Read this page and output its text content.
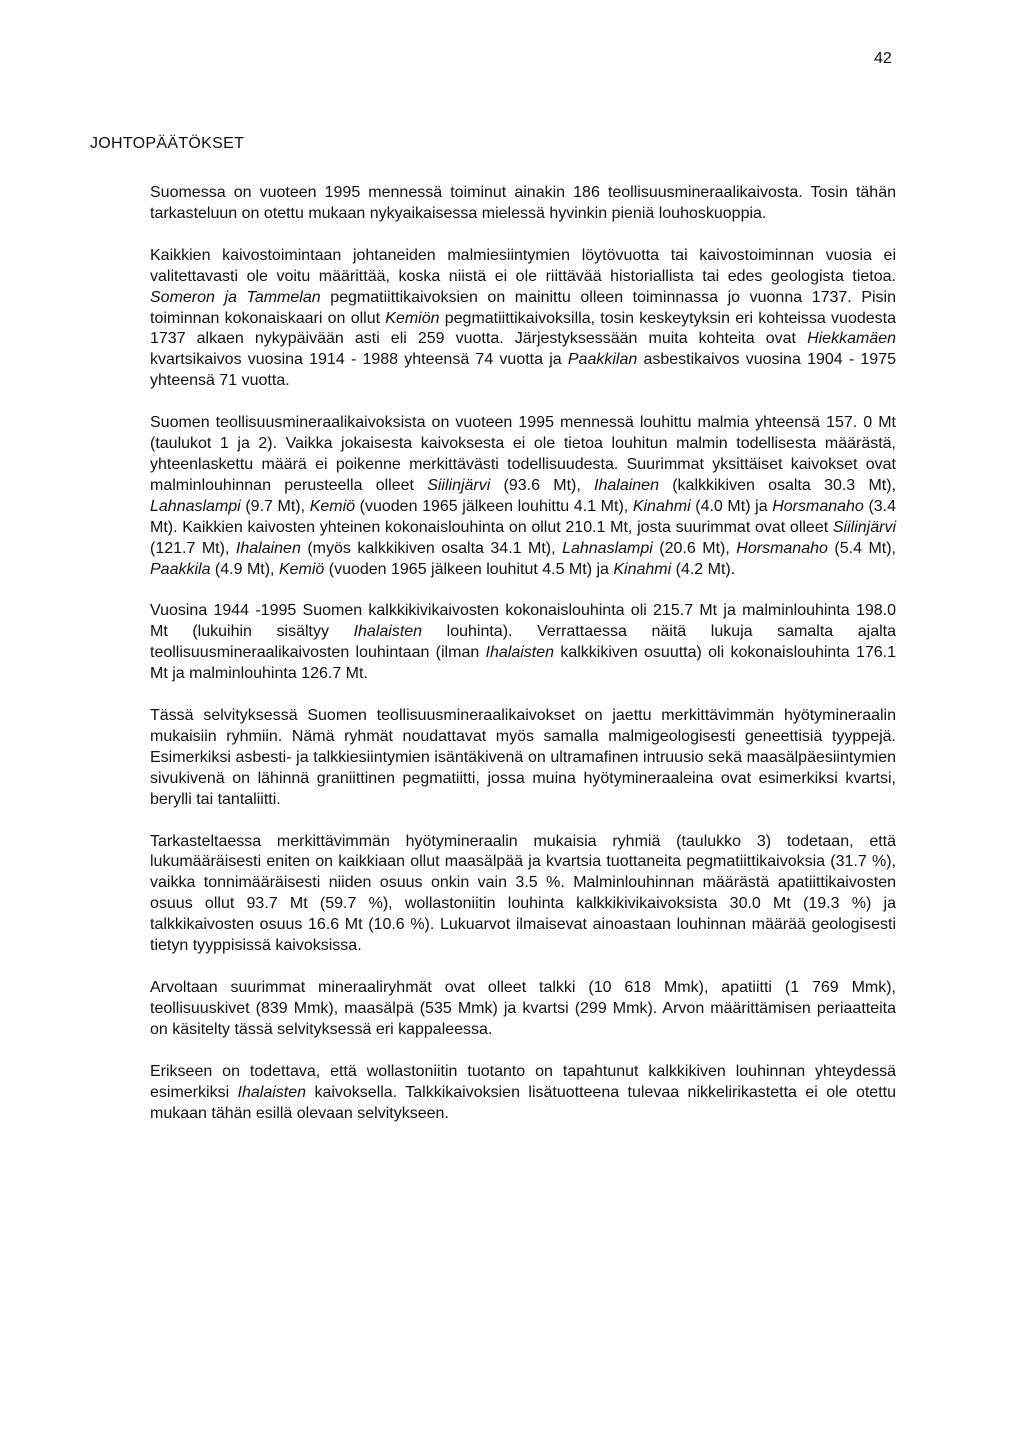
42
JOHTOPÄÄTÖKSET

Suomessa on vuoteen 1995 mennessä toiminut ainakin 186 teollisuusmineraalikaivosta. Tosin tähän tarkasteluun on otettu mukaan nykyaikaisessa mielessä hyvinkin pieniä louhoskuoppia.

Kaikkien kaivostoimintaan johtaneiden malmiesiintymien löytövuotta tai kaivostoiminnan vuosia ei valitettavasti ole voitu määrittää, koska niistä ei ole riittävää historiallista tai edes geologista tietoa. Someron ja Tammelan pegmatiittikaivoksien on mainittu olleen toiminnassa jo vuonna 1737. Pisin toiminnan kokonaiskaari on ollut Kemiön pegmatiittikaivoksilla, tosin keskeytyksin eri kohteissa vuodesta 1737 alkaen nykypäivään asti eli 259 vuotta. Järjestyksessään muita kohteita ovat Hiekkamäen kvartsikaivos vuosina 1914 - 1988 yhteensä 74 vuotta ja Paakkilan asbestikaivos vuosina 1904 - 1975 yhteensä 71 vuotta.

Suomen teollisuusmineraalikaivoksista on vuoteen 1995 mennessä louhittu malmia yhteensä 157. 0 Mt (taulukot 1 ja 2). Vaikka jokaisesta kaivoksesta ei ole tietoa louhitun malmin todellisesta määrästä, yhteenlaskettu määrä ei poikenne merkittävästi todellisuudesta. Suurimmat yksittäiset kaivokset ovat malminlouhinnan perusteella olleet Siilinjärvi (93.6 Mt), Ihalainen (kalkkikiven osalta 30.3 Mt), Lahnaslampi (9.7 Mt), Kemiö (vuoden 1965 jälkeen louhittu 4.1 Mt), Kinahmi (4.0 Mt) ja Horsmanaho (3.4 Mt). Kaikkien kaivosten yhteinen kokonaislouhinta on ollut 210.1 Mt, josta suurimmat ovat olleet Siilinjärvi (121.7 Mt), Ihalainen (myös kalkkikiven osalta 34.1 Mt), Lahnaslampi (20.6 Mt), Horsmanaho (5.4 Mt), Paakkila (4.9 Mt), Kemiö (vuoden 1965 jälkeen louhitut 4.5 Mt) ja Kinahmi (4.2 Mt).

Vuosina 1944 -1995 Suomen kalkkikivikaivosten kokonaislouhinta oli 215.7 Mt ja malminlouhinta 198.0 Mt (lukuihin sisältyy Ihalaisten louhinta). Verrattaessa näitä lukuja samalta ajalta teollisuusmineraalikaivosten louhintaan (ilman Ihalaisten kalkkikiven osuutta) oli kokonaislouhinta 176.1 Mt ja malminlouhinta 126.7 Mt.

Tässä selvityksessä Suomen teollisuusmineraalikaivokset on jaettu merkittävimmän hyötymineraalin mukaisiin ryhmiin. Nämä ryhmät noudattavat myös samalla malmigeologisesti geneettisiä tyyppejä. Esimerkiksi asbesti- ja talkkiesiintymien isäntäkivenä on ultramafinen intruusio sekä maasälpäesiintymien sivukivenä on lähinnä graniittinen pegmatiitti, jossa muina hyötymineraaleina ovat esimerkiksi kvartsi, berylli tai tantaliitti.

Tarkasteltaessa merkittävimmän hyötymineraalin mukaisia ryhmiä (taulukko 3) todetaan, että lukumääräisesti eniten on kaikkiaan ollut maasälpää ja kvartsia tuottaneita pegmatiittikaivoksia (31.7 %), vaikka tonnimääräisesti niiden osuus onkin vain 3.5 %. Malminlouhinnan määrästä apatiittikaivosten osuus ollut 93.7 Mt (59.7 %), wollastoniitin louhinta kalkkikivikaivoksista 30.0 Mt (19.3 %) ja talkkikaivosten osuus 16.6 Mt (10.6 %). Lukuarvot ilmaisevat ainoastaan louhinnan määrää geologisesti tietyn tyyppisissä kaivoksissa.

Arvoltaan suurimmat mineraaliryhmät ovat olleet talkki (10 618 Mmk), apatiitti (1 769 Mmk), teollisuuskivet (839 Mmk), maasälpä (535 Mmk) ja kvartsi (299 Mmk). Arvon määrittämisen periaatteita on käsitelty tässä selvityksessä eri kappaleessa.

Erikseen on todettava, että wollastoniitin tuotanto on tapahtunut kalkkikiven louhinnan yhteydessä esimerkiksi Ihalaisten kaivoksella. Talkkikaivoksien lisätuotteena tulevaa nikkelirikastetta ei ole otettu mukaan tähän esillä olevaan selvitykseen.
